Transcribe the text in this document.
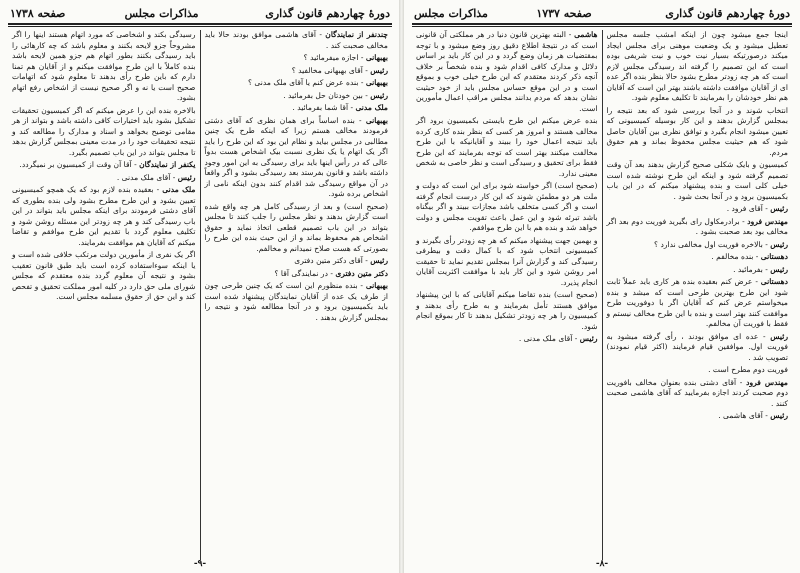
دورهٔ چهاردهم قانون گذاری
مذاکرات مجلس
صفحه ۱۷۳۸

چندنفر از نمایندگان - آقای هاشمی موافق بودند حالا باید مخالف صحبت کند .

بهبهانی - اجازه میفرمائید ؟

رئیس - آقای بهبهانی مخالفید ؟

بهبهانی - بنده عرض کنم یا آقای ملک مدنی ؟

رئیس - بین خودتان حل بفرمائید .

ملک مدنی - آقا شما بفرمائید .

بهبهانی - بنده اساساً برای همان نظری که آقای دشتی فرمودند مخالف هستم زیرا که اینکه طرح یک چنین مطالبی در مجلس بیاید و نظام این بود که این طرح را باید اگر یک اتهام یا یک نظری نسبت بیک اشخاص هست بدواً عالی که در رأس اینها باید برای رسیدگی به این امور وجود داشته باشد و قانون بفرستد بعد رسیدگی بشود و اگر واقعاً در آن مواقع رسیدگی شد اقدام کنند بدون اینکه نامی از اشخاص برده شود.

(صحیح است) و بعد از رسیدگی کامل هر چه واقع شده است گزارش بدهند و نظر مجلس را جلب کنند تا مجلس بتواند در این باب تصمیم قطعی اتخاذ نماید و حقوق اشخاص هم محفوظ بماند و از این حیث بنده این طرح را بصورتی که هست صلاح نمیدانم و مخالفم.

رئیس - آقای دکتر متین دفتری

دکتر متین دفتری - در نمایندگی آقا ؟

بهبهانی - بنده منظورم این است که یک چنین طرحی چون از طرف یک عده از آقایان نمایندگان پیشنهاد شده است باید بکمیسیون برود و در آنجا مطالعه شود و نتیجه را بمجلس گزارش بدهند .

رسیدگی بکند و اشخاصی که مورد اتهام هستند اینها را اگر مشروحاً جزو لایحه بکنند و معلوم باشد که چه کارهائی را باید رسیدگی بکنند بطور اتهام هم جزو همین لایحه باشد بنده کاملاً با این طرح موافقت میکنم و از آقایان هم تمنا دارم که باین طرح رأی بدهند تا معلوم شود که اتهامات صحیح است یا نه و اگر صحیح نیست از اشخاص رفع اتهام بشود.

بالاخره بنده این را عرض میکنم که اگر کمیسیون تحقیقات تشکیل بشود باید اختیارات کافی داشته باشد و بتواند از هر مقامی توضیح بخواهد و اسناد و مدارک را مطالعه کند و نتیجه تحقیقات خود را در مدت معینی بمجلس گزارش بدهد تا مجلس بتواند در این باب تصمیم بگیرد.

یکنفر از نمایندگان - آقا آن وقت از کمیسیون بر نمیگردد.

رئیس - آقای ملک مدنی .

ملک مدنی - بعقیده بنده لازم بود که یک همچو کمیسیونی تعیین بشود و این طرح مطرح بشود ولی بنده بطوری که آقای دشتی فرمودند برای اینکه مجلس باید بتواند در این باب رسیدگی کند و هر چه زودتر این مسئله روشن شود و تکلیف معلوم گردد با تقدیم این طرح موافقم و تقاضا میکنم که آقایان هم موافقت بفرمایند.

اگر یک نفری از مأمورین دولت مرتکب خلافی شده است و یا اینکه سوءاستفاده کرده است باید طبق قانون تعقیب بشود و نتیجه آن معلوم گردد بنده معتقدم که مجلس شورای ملی حق دارد در کلیه امور مملکت تحقیق و تفحص کند و این حق از حقوق مسلمه مجلس است.

-۹-
دورهٔ چهاردهم قانون گذاری
صفحه ۱۷۳۷
مذاکرات مجلس

اینجا جمع میشود چون از اینکه امشب جلسه مجلس تعطیل میشود و یک وضعیت موهنی برای مجلس ایجاد میکند درصورتیکه بسیار نیت خوب و نیت شریفی بوده است که این تصمیم را گرفته اند رسیدگی مجلس لازم است که هر چه زودتر مطرح بشود حالا بنظر بنده اگر عده ای از آقایان موافقت داشته باشند بهتر این است که آقایان هم نظر خودشان را بفرمایند تا تکلیف معلوم شود.

انتخاب شوند و در آنجا بررسی شود که بعد نتیجه را بمجلس گزارش بدهند و این کار بوسیله کمیسیونی که تعیین میشود انجام بگیرد و توافق نظری بین آقایان حاصل شود که هم حیثیت مجلس محفوظ بماند و هم حقوق مردم.

کمیسیون و بایک شکلی صحیح گزارش بدهند بعد آن وقت تصمیم گرفته شود و اینکه این طرح نوشته شده است خیلی کلی است و بنده پیشنهاد میکنم که در این باب بکمیسیون برود و در آنجا بحث شود .

رئیس - آقای فرود .

مهندس فرود - برادرمکاول رای بگیرید فوریت دوم بعد اگر مخالف بود بعد صحبت بشود .

رئیس - بالاخره فوریت اول مخالفی ندارد ؟

دهستانی - بنده مخالفم .

رئیس - بفرمائید .

دهستانی - عرض کنم بعقیده بنده هر کاری باید عملاً ثابت شود این طرح بهترین طرحی است که میشد و بنده میخواستم عرض کنم که آقایان اگر با دوفوریت طرح موافقت کنند بهتر است و بنده با این طرح مخالف نیستم و فقط با فوریت آن مخالفم.

رئیس - عده ای موافق بودند ، رأی گرفته میشود به فوریت اول. موافقین قیام فرمایند (اکثر قیام نمودند) تصویب شد .

فوریت دوم مطرح است .

مهندس فرود - آقای دشتی بنده بعنوان مخالف بافوریت دوم صحبت کردند اجازه بفرمایید که آقای هاشمی صحبت کنند .

رئیس - آقای هاشمی .

هاشمی - البته بهترین قانون دنیا در هر مملکتی آن قانونی است که در نتیجهٔ اطلاع دقیق روز وضع میشود و با توجه بمقتضیات هر زمان وضع گردد و در این کار باید بر اساس دلائل و مدارک کافی اقدام شود و بنده شخصاً بر خلاف آنچه ذکر کردند معتقدم که این طرح خیلی خوب و بموقع است و در این موقع حساس مجلس باید از خود حیثیت نشان بدهد که مردم بدانند مجلس مراقب اعمال مأمورین است.

بنده عرض میکنم این طرح بایستی بکمیسیون برود اگر مخالف هستند و امروز هر کسی که بنظر بنده کاری کرده باید نتیجه اعمال خود را ببیند و آقایانیکه با این طرح مخالفت میکنند بهتر است که توجه بفرمایند که این طرح فقط برای تحقیق و رسیدگی است و نظر خاصی به شخص معینی ندارد.

(صحیح است) اگر خواسته شود برای این است که دولت و ملت هر دو مطمئن شوند که این کار درست انجام گرفته است و اگر کسی متخلف باشد مجازات ببیند و اگر بیگناه باشد تبرئه شود و این عمل باعث تقویت مجلس و دولت خواهد شد و بنده هم با این طرح موافقم.

و بهمین جهت پیشنهاد میکنم که هر چه زودتر رأی بگیرند و کمیسیونی انتخاب شود که با کمال دقت و بیطرفی رسیدگی کند و گزارش آنرا بمجلس تقدیم نماید تا حقیقت امر روشن شود و این کار باید با موافقت اکثریت آقایان انجام پذیرد.

(صحیح است) بنده تقاضا میکنم آقایانی که با این پیشنهاد موافق هستند تأمل بفرمایند و به طرح رأی بدهند و کمیسیون را هر چه زودتر تشکیل بدهند تا کار بموقع انجام شود.

رئیس - آقای ملک مدنی .

-۸-
